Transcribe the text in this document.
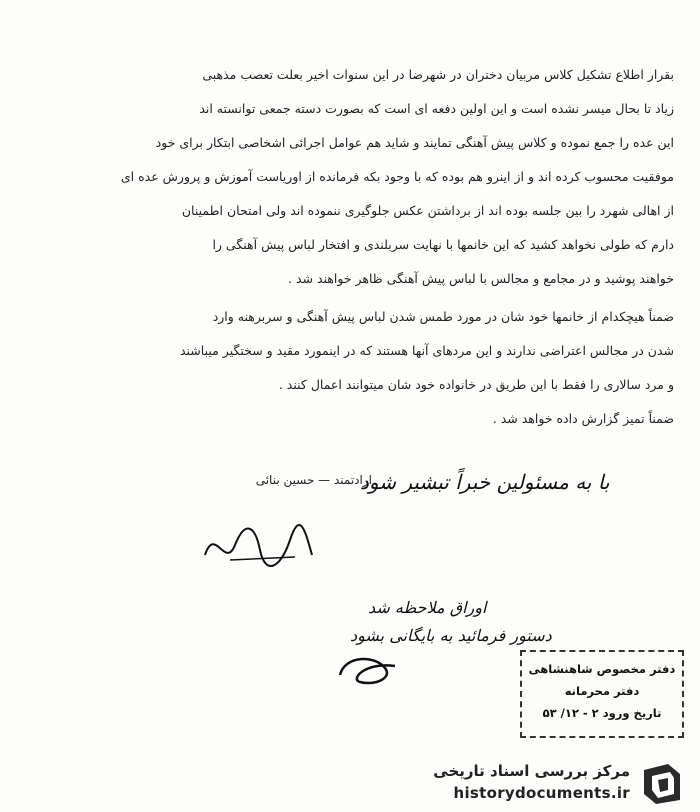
بقرار اطلاع تشکیل کلاس مربیان دختران در شهرضا در این سنوات اخیر بعلت تعصب مذهبی
زیاد تا بحال میسر نشده است و این اولین دفعه ای است که بصورت دسته جمعی توانسته اند
این عده را جمع نموده و کلاس پیش آهنگی تمایند و شاید هم عوامل اجرائی اشخاصی ابتکار برای خود
موفقیت محسوب کرده اند و از اینرو هم بوده که با وجود بکه فرمانده از اوریاست آموزش و پرورش عده ای
از اهالی شهرد را بین جلسه بوده اند از برداشتن عکس جلوگیری ننموده اند ولی امتحان اطمینان
دارم که طولی نخواهد کشید که این خانمها با نهایت سربلندی و افتخار لباس پیش آهنگی را
خواهند پوشید و در مجامع و مجالس با لباس پیش آهنگی ظاهر خواهند شد .
ضمناً هیچکدام از خانمها خود شان در مورد طمس شدن لباس پیش آهنگی و سربرهنه وارد
شدن در مجالس اعتراضی ندارند و این مردهای آنها هستند که در اینمورد مقید و سختگیر میباشند
و مرد سالاری را فقط با این طریق در خانواده خود شان میتوانند اعمال کنند .
ضمناً تمیز گزارش داده خواهد شد .
ارادتمند — حسین بنائی
با به مسئولین خبراً تبشیر شود
اوراق ملاحظه شد
دستور فرمائید به بایگانی بشود
دفتر مخصوص شاهنشاهی
دفتر محرمانه
تاریخ ورود ۲ - ۱۲/ ۵۳
مرکز بررسی اسناد تاریخی
historydocuments.ir
